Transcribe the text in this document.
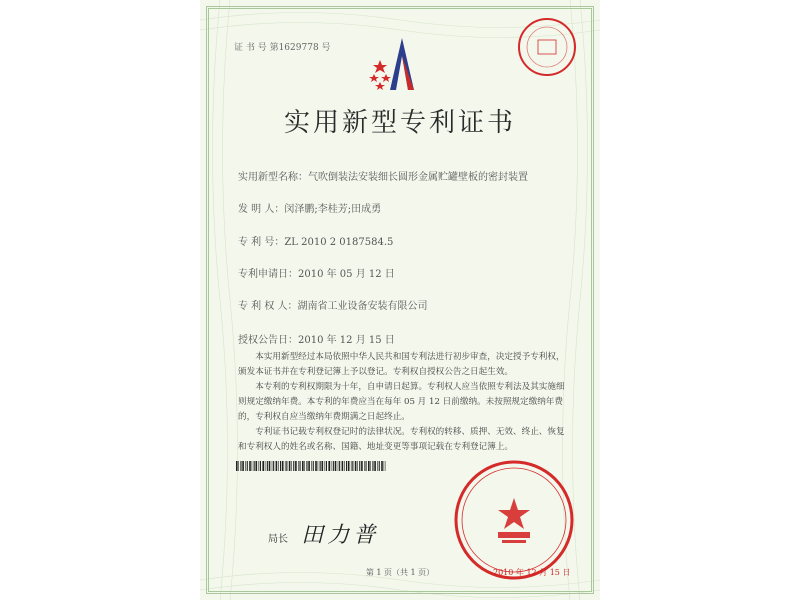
证 书 号 第1629778 号
实用新型专利证书
实用新型名称：气吹倒装法安装细长圆形金属贮罐壁板的密封装置
发 明 人：闵泽鹏;李桂芳;田成勇
专 利 号：ZL 2010 2 0187584.5
专利申请日：2010 年 05 月 12 日
专 利 权 人：湖南省工业设备安装有限公司
授权公告日：2010 年 12 月 15 日

本实用新型经过本局依照中华人民共和国专利法进行初步审查，决定授予专利权，颁发本证书并在专利登记簿上予以登记。专利权自授权公告之日起生效。

本专利的专利权期限为十年，自申请日起算。专利权人应当依照专利法及其实施细则规定缴纳年费。本专利的年费应当在每年 05 月 12 日前缴纳。未按照规定缴纳年费的，专利权自应当缴纳年费期满之日起终止。

专利证书记载专利权登记时的法律状况。专利权的转移、质押、无效、终止、恢复和专利权人的姓名或名称、国籍、地址变更等事项记载在专利登记簿上。

局长 田力普
2010 年 12 月 15 日
第 1 页（共 1 页）
